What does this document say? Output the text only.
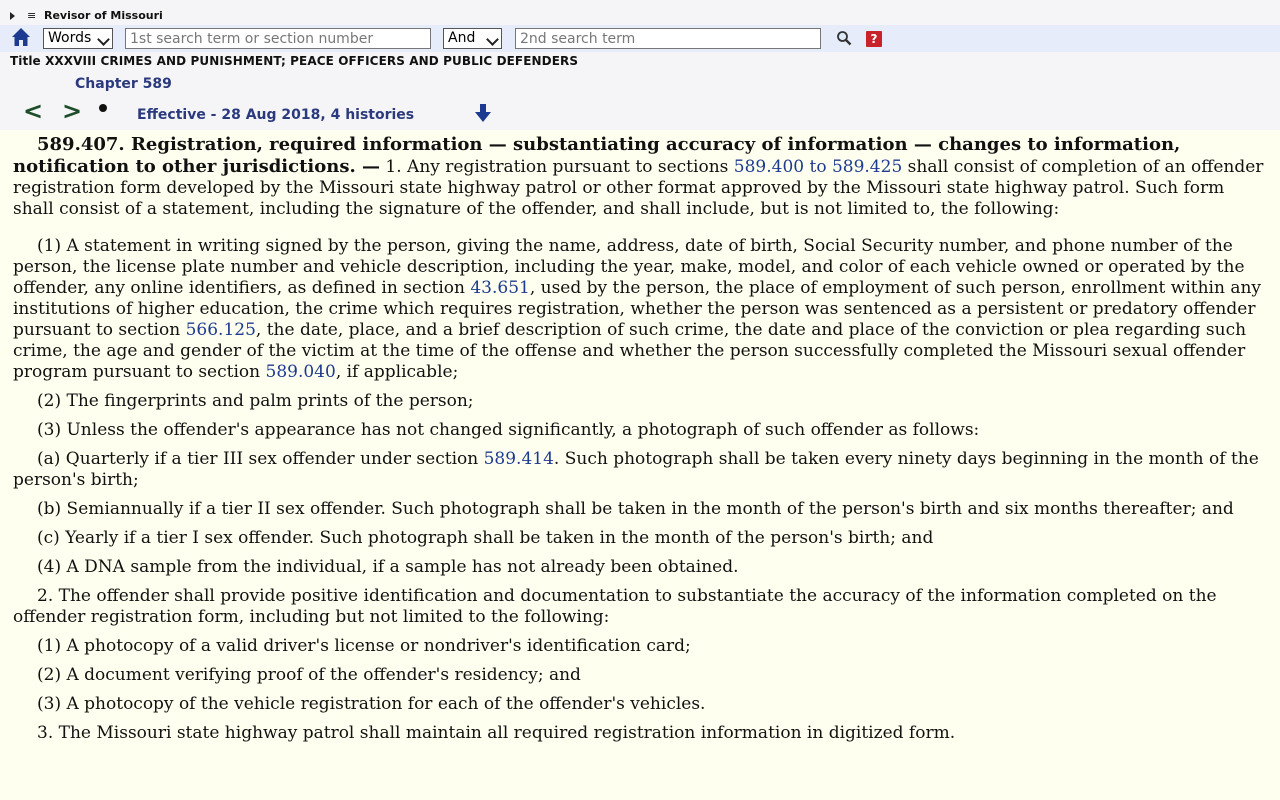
≡ Revisor of Missouri
Words
1st search term or section number	And
2nd search term	?
Title XXXVIII CRIMES AND PUNISHMENT; PEACE OFFICERS AND PUBLIC DEFENDERS
Chapter 589
< >	Effective - 28 Aug 2018, 4 histories

589.407. Registration, required information — substantiating accuracy of information — changes to information, notification to other jurisdictions. — 1. Any registration pursuant to sections 589.400 to 589.425 shall consist of completion of an offender registration form developed by the Missouri state highway patrol or other format approved by the Missouri state highway patrol. Such form shall consist of a statement, including the signature of the offender, and shall include, but is not limited to, the following:

(1) A statement in writing signed by the person, giving the name, address, date of birth, Social Security number, and phone number of the person, the license plate number and vehicle description, including the year, make, model, and color of each vehicle owned or operated by the offender, any online identifiers, as defined in section 43.651, used by the person, the place of employment of such person, enrollment within any institutions of higher education, the crime which requires registration, whether the person was sentenced as a persistent or predatory offender pursuant to section 566.125, the date, place, and a brief description of such crime, the date and place of the conviction or plea regarding such crime, the age and gender of the victim at the time of the offense and whether the person successfully completed the Missouri sexual offender program pursuant to section 589.040, if applicable;

(2) The fingerprints and palm prints of the person;

(3) Unless the offender's appearance has not changed significantly, a photograph of such offender as follows:

(a) Quarterly if a tier III sex offender under section 589.414. Such photograph shall be taken every ninety days beginning in the month of the person's birth;

(b) Semiannually if a tier II sex offender. Such photograph shall be taken in the month of the person's birth and six months thereafter; and

(c) Yearly if a tier I sex offender. Such photograph shall be taken in the month of the person's birth; and

(4) A DNA sample from the individual, if a sample has not already been obtained.

2. The offender shall provide positive identification and documentation to substantiate the accuracy of the information completed on the offender registration form, including but not limited to the following:

(1) A photocopy of a valid driver's license or nondriver's identification card;

(2) A document verifying proof of the offender's residency; and

(3) A photocopy of the vehicle registration for each of the offender's vehicles.

3. The Missouri state highway patrol shall maintain all required registration information in digitized form.
